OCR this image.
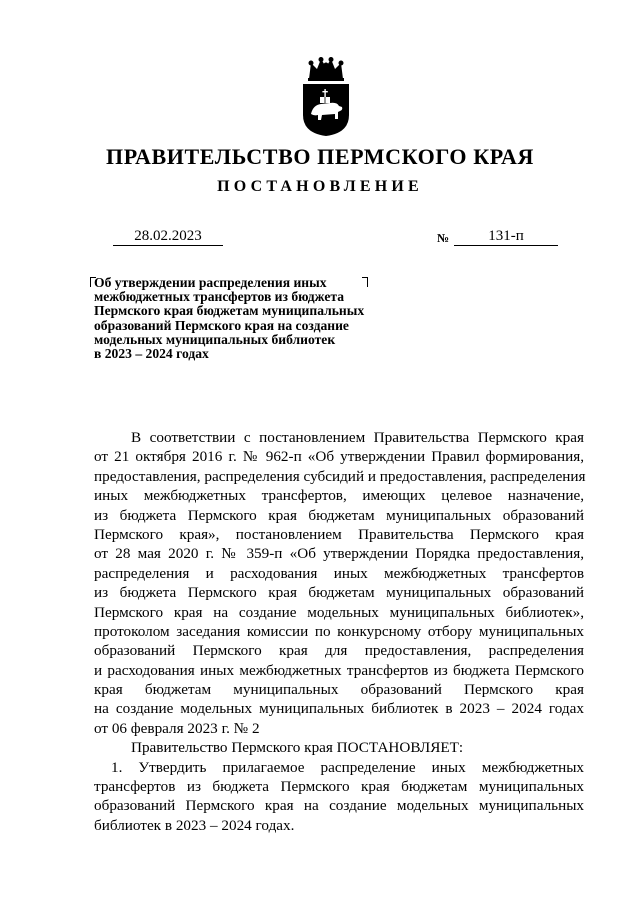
ПРАВИТЕЛЬСТВО ПЕРМСКОГО КРАЯ
ПОСТАНОВЛЕНИЕ
28.02.2023	№	131-п
Об утверждении распределения иных
межбюджетных трансфертов из бюджета
Пермского края бюджетам муниципальных
образований Пермского края на создание
модельных муниципальных библиотек
в 2023 – 2024 годах
В соответствии с постановлением Правительства Пермского края
от 21 октября 2016 г. № 962-п «Об утверждении Правил формирования,
предоставления, распределения субсидий и предоставления, распределения
иных межбюджетных трансфертов, имеющих целевое назначение,
из бюджета Пермского края бюджетам муниципальных образований
Пермского края», постановлением Правительства Пермского края
от 28 мая 2020 г. № 359-п «Об утверждении Порядка предоставления,
распределения и расходования иных межбюджетных трансфертов
из бюджета Пермского края бюджетам муниципальных образований
Пермского края на создание модельных муниципальных библиотек»,
протоколом заседания комиссии по конкурсному отбору муниципальных
образований Пермского края для предоставления, распределения
и расходования иных межбюджетных трансфертов из бюджета Пермского
края бюджетам муниципальных образований Пермского края
на создание модельных муниципальных библиотек в 2023 – 2024 годах
от 06 февраля 2023 г. № 2
Правительство Пермского края ПОСТАНОВЛЯЕТ:
1. Утвердить прилагаемое распределение иных межбюджетных
трансфертов из бюджета Пермского края бюджетам муниципальных
образований Пермского края на создание модельных муниципальных
библиотек в 2023 – 2024 годах.
